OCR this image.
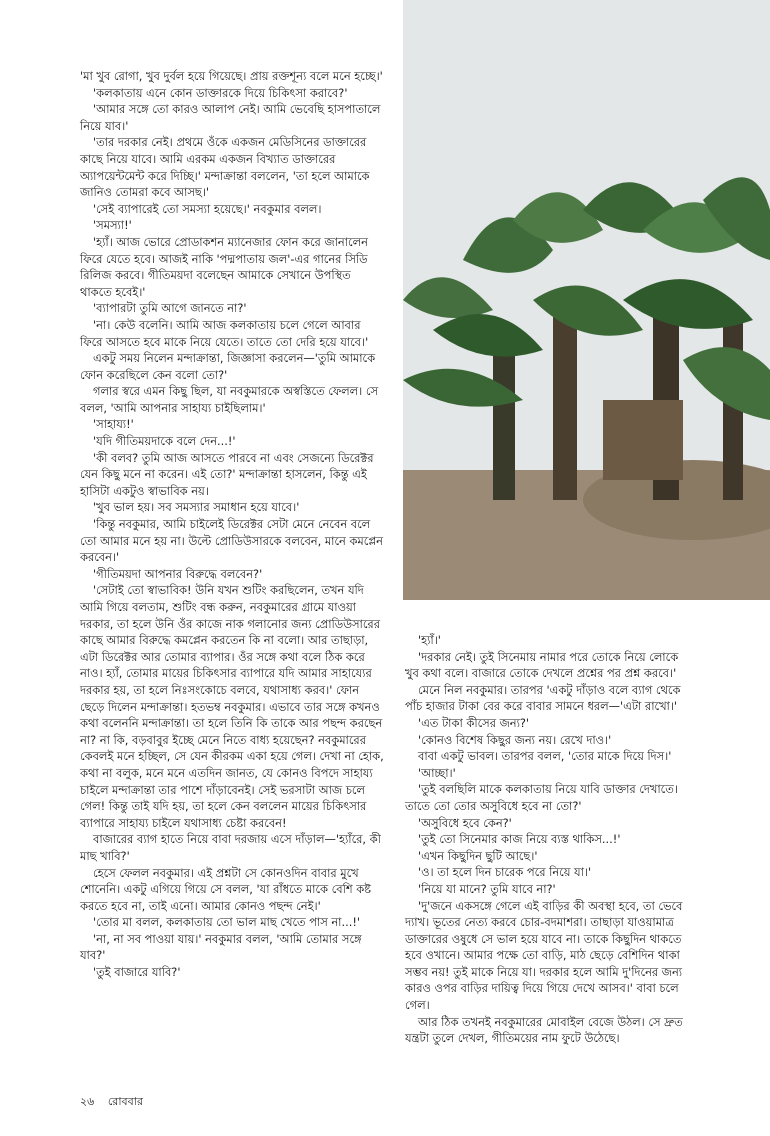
'মা খুব রোগা, খুব দুর্বল হয়ে গিয়েছে। প্রায় রক্তশূন্য বলে মনে হচ্ছে।'

'কলকাতায় এনে কোন ডাক্তারকে দিয়ে চিকিৎসা করাবে?'

'আমার সঙ্গে তো কারও আলাপ নেই। আমি ভেবেছি হাসপাতালে নিয়ে যাব।'

'তার দরকার নেই। প্রথমে ওঁকে একজন মেডিসিনের ডাক্তারের কাছে নিয়ে যাবে। আমি এরকম একজন বিখ্যাত ডাক্তারের অ্যাপয়েন্টমেন্ট করে দিচ্ছি।' মন্দাক্রান্তা বললেন, 'তা হলে আমাকে জানিও তোমরা কবে আসছ।'

'সেই ব্যাপারেই তো সমস্যা হয়েছে।' নবকুমার বলল।

'সমস্যা!'

'হ্যাঁ। আজ ভোরে প্রোডাকশন ম্যানেজার ফোন করে জানালেন ফিরে যেতে হবে। আজই নাকি 'পদ্মপাতায় জল'-এর গানের সিডি রিলিজ করবে। গীতিময়দা বলেছেন আমাকে সেখানে উপস্থিত থাকতে হবেই।'

'ব্যাপারটা তুমি আগে জানতে না?'

'না। কেউ বলেনি। আমি আজ কলকাতায় চলে গেলে আবার ফিরে আসতে হবে মাকে নিয়ে যেতে। তাতে তো দেরি হয়ে যাবে।'

একটু সময় নিলেন মন্দাক্রান্তা, জিজ্ঞাসা করলেন—'তুমি আমাকে ফোন করেছিলে কেন বলো তো?'

গলার স্বরে এমন কিছু ছিল, যা নবকুমারকে অস্বস্তিতে ফেলল। সে বলল, 'আমি আপনার সাহায্য চাইছিলাম।'

'সাহায্য!'

'যদি গীতিময়দাকে বলে দেন...!'

'কী বলব? তুমি আজ আসতে পারবে না এবং সেজন্যে ডিরেক্টর যেন কিছু মনে না করেন। এই তো?' মন্দাক্রান্তা হাসলেন, কিন্তু এই হাসিটা একটুও স্বাভাবিক নয়।

'খুব ভাল হয়। সব সমস্যার সমাধান হয়ে যাবে।'

'কিন্তু নবকুমার, আমি চাইলেই ডিরেক্টর সেটা মেনে নেবেন বলে তো আমার মনে হয় না। উল্টে প্রোডিউসারকে বলবেন, মানে কমপ্লেন করবেন।'

'গীতিময়দা আপনার বিরুদ্ধে বলবেন?'

'সেটাই তো স্বাভাবিক! উনি যখন শুটিং করছিলেন, তখন যদি আমি গিয়ে বলতাম, শুটিং বন্ধ করুন, নবকুমারের গ্রামে যাওয়া দরকার, তা হলে উনি ওঁর কাজে নাক গলানোর জন্য প্রোডিউসারের কাছে আমার বিরুদ্ধে কমপ্লেন করতেন কি না বলো। আর তাছাড়া, এটা ডিরেক্টর আর তোমার ব্যাপার। ওঁর সঙ্গে কথা বলে ঠিক করে নাও। হ্যাঁ, তোমার মায়ের চিকিৎসার ব্যাপারে যদি আমার সাহায্যের দরকার হয়, তা হলে নিঃসংকোচে বলবে, যথাসাধ্য করব।' ফোন ছেড়ে দিলেন মন্দাক্রান্তা। হতভম্ব নবকুমার। এভাবে তার সঙ্গে কখনও কথা বলেননি মন্দাক্রান্তা। তা হলে তিনি কি তাকে আর পছন্দ করছেন না? না কি, বড়বাবুর ইচ্ছে মেনে নিতে বাধ্য হয়েছেন? নবকুমারের কেবলই মনে হচ্ছিল, সে যেন কীরকম একা হয়ে গেল। দেখা না হোক, কথা না বলুক, মনে মনে এতদিন জানত, যে কোনও বিপদে সাহায্য চাইলে মন্দাক্রান্তা তার পাশে দাঁড়াবেনই। সেই ভরসাটা আজ চলে গেল! কিন্তু তাই যদি হয়, তা হলে কেন বললেন মায়ের চিকিৎসার ব্যাপারে সাহায্য চাইলে যথাসাধ্য চেষ্টা করবেন!

বাজারের ব্যাগ হাতে নিয়ে বাবা দরজায় এসে দাঁড়াল—'হ্যাঁরে, কী মাছ খাবি?'

হেসে ফেলল নবকুমার। এই প্রশ্নটা সে কোনওদিন বাবার মুখে শোনেনি। একটু এগিয়ে গিয়ে সে বলল, 'যা রাঁধতে মাকে বেশি কষ্ট করতে হবে না, তাই এনো। আমার কোনও পছন্দ নেই।'

'তোর মা বলল, কলকাতায় তো ভাল মাছ খেতে পাস না...!'

'না, না সব পাওয়া যায়।' নবকুমার বলল, 'আমি তোমার সঙ্গে যাব?'

'তুই বাজারে যাবি?'

'হ্যাঁ।'

'দরকার নেই। তুই সিনেমায় নামার পরে তোকে নিয়ে লোকে খুব কথা বলে। বাজারে তোকে দেখলে প্রশ্নের পর প্রশ্ন করবে।'

মেনে নিল নবকুমার। তারপর 'একটু দাঁড়াও বলে ব্যাগ থেকে পাঁচ হাজার টাকা বের করে বাবার সামনে ধরল—'এটা রাখো।'

'এত টাকা কীসের জন্য?'

'কোনও বিশেষ কিছুর জন্য নয়। রেখে দাও।'

বাবা একটু ভাবল। তারপর বলল, 'তোর মাকে দিয়ে দিস।'

'আচ্ছা।'

'তুই বলছিলি মাকে কলকাতায় নিয়ে যাবি ডাক্তার দেখাতে। তাতে তো তোর অসুবিধে হবে না তো?'

'অসুবিধে হবে কেন?'

'তুই তো সিনেমার কাজ নিয়ে ব্যস্ত থাকিস...!'

'এখন কিছুদিন ছুটি আছে।'

'ও। তা হলে দিন চারেক পরে নিয়ে যা।'

'নিয়ে যা মানে? তুমি যাবে না?'

'দু'জনে একসঙ্গে গেলে এই বাড়ির কী অবস্থা হবে, তা ভেবে দ্যাখ। ভূতের নেত্য করবে চোর-বদমাশরা। তাছাড়া যাওয়ামাত্র ডাক্তারের ওষুধে সে ভাল হয়ে যাবে না। তাকে কিছুদিন থাকতে হবে ওখানে। আমার পক্ষে তো বাড়ি, মাঠ ছেড়ে বেশিদিন থাকা সম্ভব নয়! তুই মাকে নিয়ে যা। দরকার হলে আমি দু'দিনের জন্য কারও ওপর বাড়ির দায়িত্ব দিয়ে গিয়ে দেখে আসব।' বাবা চলে গেল।

আর ঠিক তখনই নবকুমারের মোবাইল বেজে উঠল। সে দ্রুত যন্ত্রটা তুলে দেখল, গীতিময়ের নাম ফুটে উঠেছে।

২৬ রোববার
